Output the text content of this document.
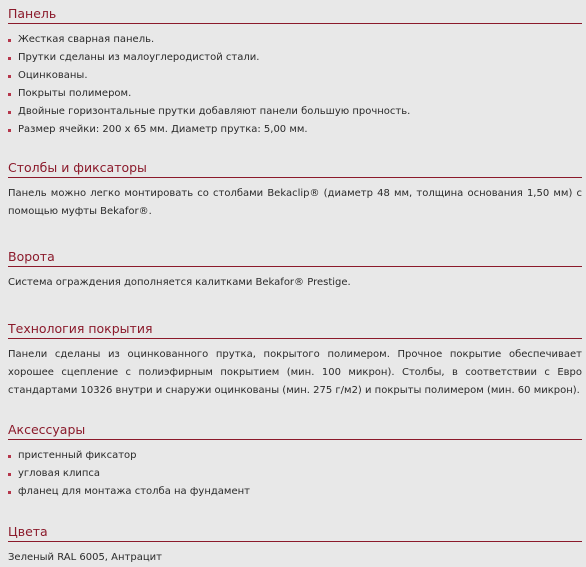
Панель
Жесткая сварная панель.
Прутки сделаны из малоуглеродистой стали.
Оцинкованы.
Покрыты полимером.
Двойные горизонтальные прутки добавляют панели большую прочность.
Размер ячейки: 200 х 65 мм. Диаметр прутка: 5,00 мм.
Столбы и фиксаторы

Панель можно легко монтировать со столбами Bekaclip® (диаметр 48 мм, толщина основания 1,50 мм) с помощью муфты Bekafor®.

Ворота

Система ограждения дополняется калитками Bekafor® Prestige.

Технология покрытия

Панели сделаны из оцинкованного прутка, покрытого полимером. Прочное покрытие обеспечивает хорошее сцепление с полиэфирным покрытием (мин. 100 микрон). Столбы, в соответствии с Евро стандартами 10326 внутри и снаружи оцинкованы (мин. 275 г/м2) и покрыты полимером (мин. 60 микрон).

Аксессуары
пристенный фиксатор
угловая клипса
фланец для монтажа столба на фундамент
Цвета

Зеленый RAL 6005, Антрацит
